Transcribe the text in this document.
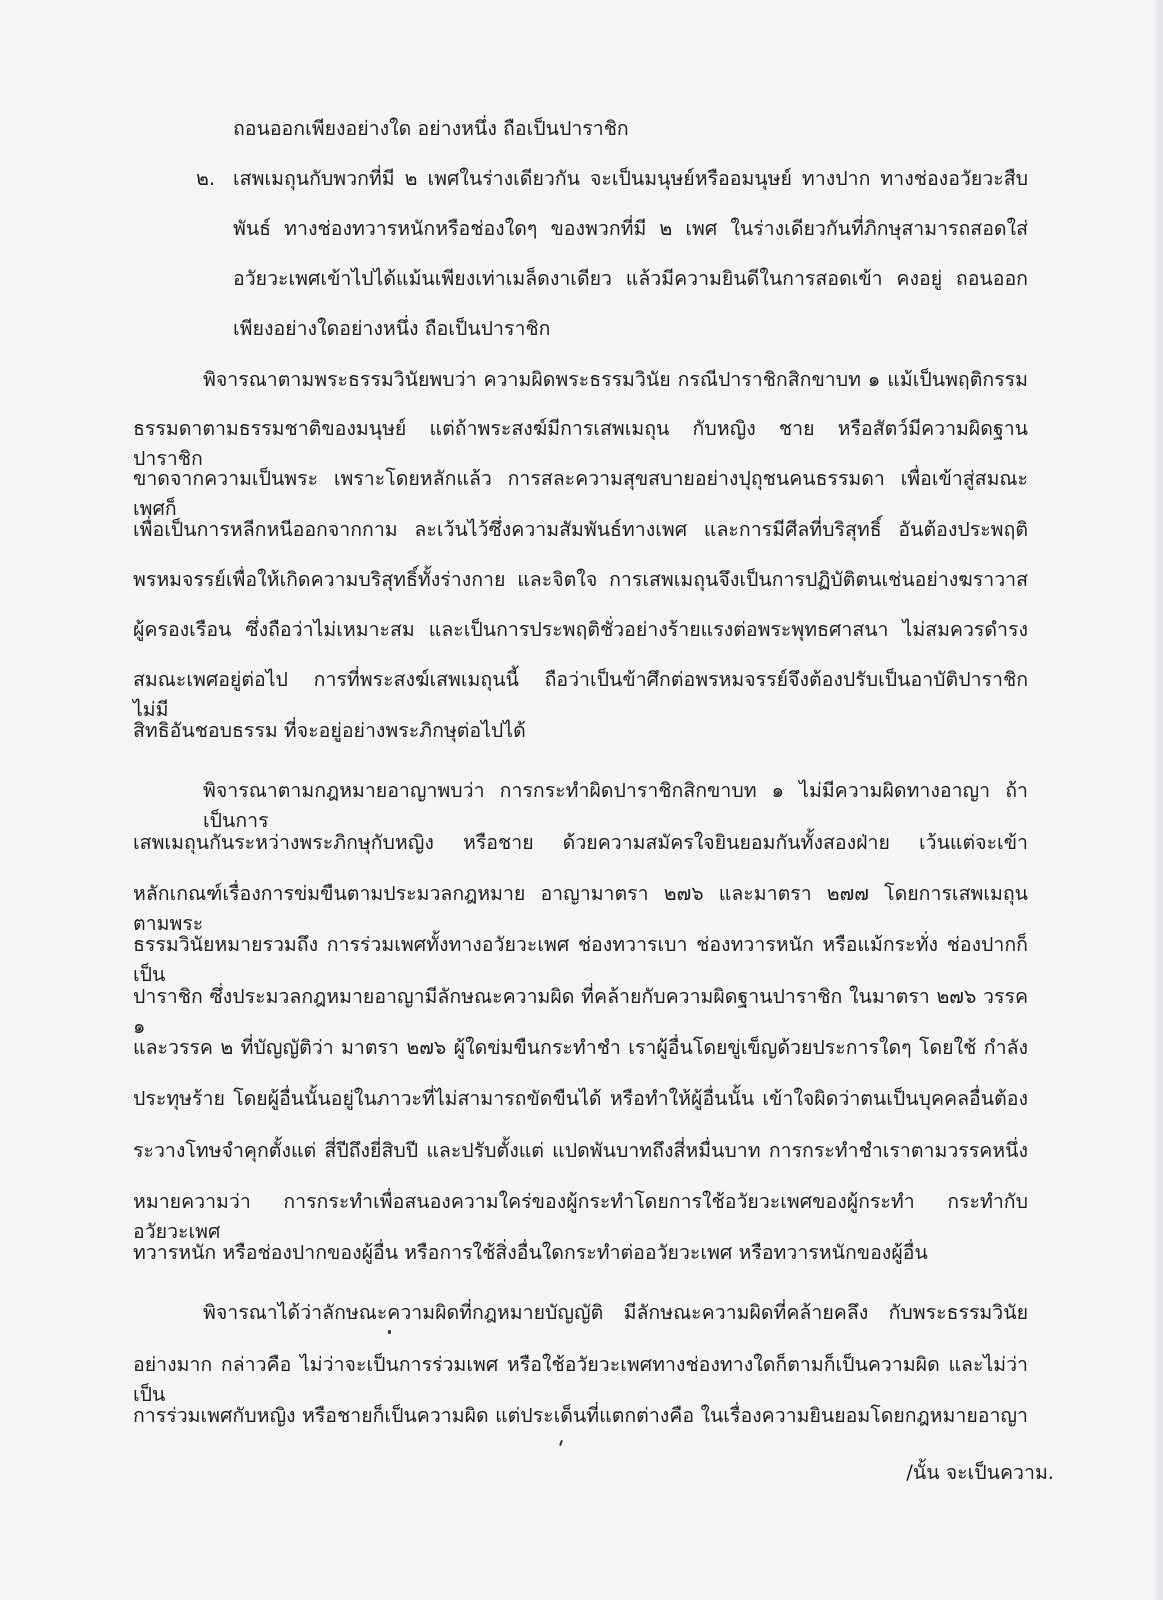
ถอนออกเพียงอย่างใด อย่างหนึ่ง ถือเป็นปาราชิก
๒. เสพเมถุนกับพวกที่มี ๒ เพศในร่างเดียวกัน จะเป็นมนุษย์หรืออมนุษย์ ทางปาก ทางช่องอวัยวะสืบ
พันธ์ ทางช่องทวารหนักหรือช่องใดๆ ของพวกที่มี ๒ เพศ ในร่างเดียวกันที่ภิกษุสามารถสอดใส่
อวัยวะเพศเข้าไปได้แม้นเพียงเท่าเมล็ดงาเดียว แล้วมีความยินดีในการสอดเข้า คงอยู่ ถอนออก
เพียงอย่างใดอย่างหนึ่ง ถือเป็นปาราชิก
พิจารณาตามพระธรรมวินัยพบว่า ความผิดพระธรรมวินัย กรณีปาราชิกสิกขาบท ๑ แม้เป็นพฤติกรรม
ธรรมดาตามธรรมชาติของมนุษย์ แต่ถ้าพระสงฆ์มีการเสพเมถุน กับหญิง ชาย หรือสัตว์มีความผิดฐานปาราชิก
ขาดจากความเป็นพระ เพราะโดยหลักแล้ว การสละความสุขสบายอย่างปุถุชนคนธรรมดา เพื่อเข้าสู่สมณะเพศก็
เพื่อเป็นการหลีกหนีออกจากกาม ละเว้นไว้ซึ่งความสัมพันธ์ทางเพศ และการมีศีลที่บริสุทธิ์ อันต้องประพฤติ
พรหมจรรย์เพื่อให้เกิดความบริสุทธิ์ทั้งร่างกาย และจิตใจ การเสพเมถุนจึงเป็นการปฏิบัติตนเช่นอย่างฆราวาส
ผู้ครองเรือน ซึ่งถือว่าไม่เหมาะสม และเป็นการประพฤติชั่วอย่างร้ายแรงต่อพระพุทธศาสนา ไม่สมควรดำรง
สมณะเพศอยู่ต่อไป การที่พระสงฆ์เสพเมถุนนี้ ถือว่าเป็นข้าศึกต่อพรหมจรรย์จึงต้องปรับเป็นอาบัติปาราชิก ไม่มี
สิทธิอันชอบธรรม ที่จะอยู่อย่างพระภิกษุต่อไปได้
พิจารณาตามกฎหมายอาญาพบว่า การกระทำผิดปาราชิกสิกขาบท ๑ ไม่มีความผิดทางอาญา ถ้าเป็นการ
เสพเมถุนกันระหว่างพระภิกษุกับหญิง หรือชาย ด้วยความสมัครใจยินยอมกันทั้งสองฝ่าย เว้นแต่จะเข้า
หลักเกณฑ์เรื่องการข่มขืนตามประมวลกฎหมาย อาญามาตรา ๒๗๖ และมาตรา ๒๗๗ โดยการเสพเมถุนตามพระ
ธรรมวินัยหมายรวมถึง การร่วมเพศทั้งทางอวัยวะเพศ ช่องทวารเบา ช่องทวารหนัก หรือแม้กระทั่ง ช่องปากก็เป็น
ปาราชิก ซึ่งประมวลกฎหมายอาญามีลักษณะความผิด ที่คล้ายกับความผิดฐานปาราชิก ในมาตรา ๒๗๖ วรรค ๑
และวรรค ๒ ที่บัญญัติว่า มาตรา ๒๗๖ ผู้ใดข่มขืนกระทำชำ เราผู้อื่นโดยขู่เข็ญด้วยประการใดๆ โดยใช้ กำลัง
ประทุษร้าย โดยผู้อื่นนั้นอยู่ในภาวะที่ไม่สามารถขัดขืนได้ หรือทำให้ผู้อื่นนั้น เข้าใจผิดว่าตนเป็นบุคคลอื่นต้อง
ระวางโทษจำคุกตั้งแต่ สี่ปีถึงยี่สิบปี และปรับตั้งแต่ แปดพันบาทถึงสี่หมื่นบาท การกระทำชำเราตามวรรคหนึ่ง
หมายความว่า การกระทำเพื่อสนองความใคร่ของผู้กระทำโดยการใช้อวัยวะเพศของผู้กระทำ กระทำกับอวัยวะเพศ
ทวารหนัก หรือช่องปากของผู้อื่น หรือการใช้สิ่งอื่นใดกระทำต่ออวัยวะเพศ หรือทวารหนักของผู้อื่น
พิจารณาได้ว่าลักษณะความผิดที่กฎหมายบัญญัติ มีลักษณะความผิดที่คล้ายคลึง กับพระธรรมวินัย
อย่างมาก กล่าวคือ ไม่ว่าจะเป็นการร่วมเพศ หรือใช้อวัยวะเพศทางช่องทางใดก็ตามก็เป็นความผิด และไม่ว่าเป็น
การร่วมเพศกับหญิง หรือชายก็เป็นความผิด แต่ประเด็นที่แตกต่างคือ ในเรื่องความยินยอมโดยกฎหมายอาญา
/นั้น จะเป็นความ.
